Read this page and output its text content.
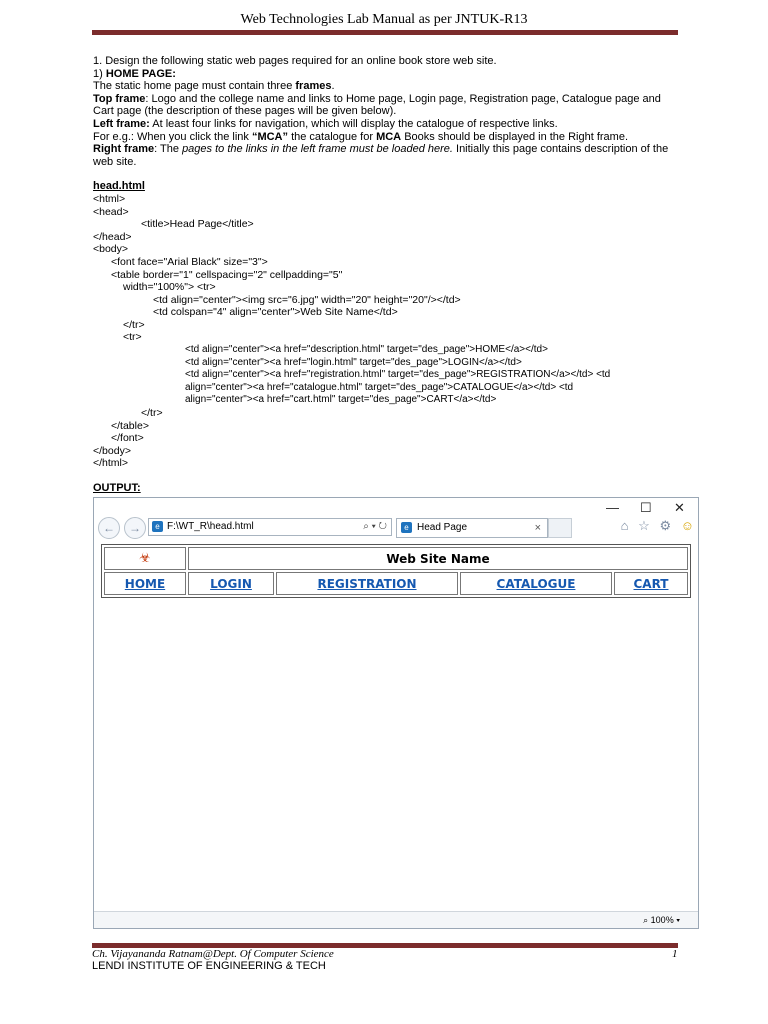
Web Technologies Lab Manual as per JNTUK-R13

1. Design the following static web pages required for an online book store web site.

1) HOME PAGE:

The static home page must contain three frames.

Top frame: Logo and the college name and links to Home page, Login page, Registration page, Catalogue page and Cart page (the description of these pages will be given below).

Left frame: At least four links for navigation, which will display the catalogue of respective links.

For e.g.: When you click the link “MCA” the catalogue for MCA Books should be displayed in the Right frame.

Right frame: The pages to the links in the left frame must be loaded here. Initially this page contains description of the web site.

head.html

<html>
<head>
<title>Head Page</title>
</head>
<body>
<font face="Arial Black" size="3">
<table border="1" cellspacing="2" cellpadding="5"
width="100%"> <tr>
<td align="center"><img src="6.jpg" width="20" height="20"/></td>
<td colspan="4" align="center">Web Site Name</td>
</tr>
<tr>
<td align="center"><a href="description.html" target="des_page">HOME</a></td>
<td align="center"><a href="login.html" target="des_page">LOGIN</a></td>
<td align="center"><a href="registration.html" target="des_page">REGISTRATION</a></td> <td
align="center"><a href="catalogue.html" target="des_page">CATALOGUE</a></td> <td
align="center"><a href="cart.html" target="des_page">CART</a></td>
</tr>
</table>
</font>
</body>
</html>

OUTPUT:

— ☐ ✕
←	→	e F:\WT_R\head.html	⌕ ▾ ↻	e Head Page	×	⌂ ☆ ⚙ ☺
☣	Web Site Name			
HOME	LOGIN	REGISTRATION	CATALOGUE	CART
⌕ 100% ▾
Ch. Vijayananda Ratnam@Dept. Of Computer Science	1
LENDI INSTITUTE OF ENGINEERING & TECH
